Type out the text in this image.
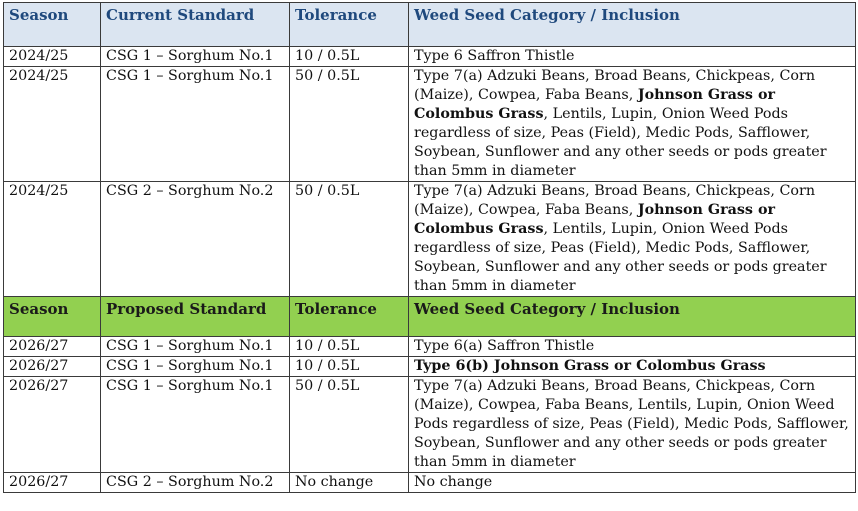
Season	Current Standard	Tolerance	Weed Seed Category / Inclusion
2024/25	CSG 1 – Sorghum No.1	10 / 0.5L	Type 6 Saffron Thistle
2024/25	CSG 1 – Sorghum No.1	50 / 0.5L	Type 7(a) Adzuki Beans, Broad Beans, Chickpeas, Corn (Maize), Cowpea, Faba Beans, Johnson Grass or Colombus Grass, Lentils, Lupin, Onion Weed Pods regardless of size, Peas (Field), Medic Pods, Safflower, Soybean, Sunflower and any other seeds or pods greater than 5mm in diameter
2024/25	CSG 2 – Sorghum No.2	50 / 0.5L	Type 7(a) Adzuki Beans, Broad Beans, Chickpeas, Corn (Maize), Cowpea, Faba Beans, Johnson Grass or Colombus Grass, Lentils, Lupin, Onion Weed Pods regardless of size, Peas (Field), Medic Pods, Safflower, Soybean, Sunflower and any other seeds or pods greater than 5mm in diameter
Season	Proposed Standard	Tolerance	Weed Seed Category / Inclusion
2026/27	CSG 1 – Sorghum No.1	10 / 0.5L	Type 6(a) Saffron Thistle
2026/27	CSG 1 – Sorghum No.1	10 / 0.5L	Type 6(b) Johnson Grass or Colombus Grass
2026/27	CSG 1 – Sorghum No.1	50 / 0.5L	Type 7(a) Adzuki Beans, Broad Beans, Chickpeas, Corn (Maize), Cowpea, Faba Beans, Lentils, Lupin, Onion Weed Pods regardless of size, Peas (Field), Medic Pods, Safflower, Soybean, Sunflower and any other seeds or pods greater than 5mm in diameter
2026/27	CSG 2 – Sorghum No.2	No change	No change
